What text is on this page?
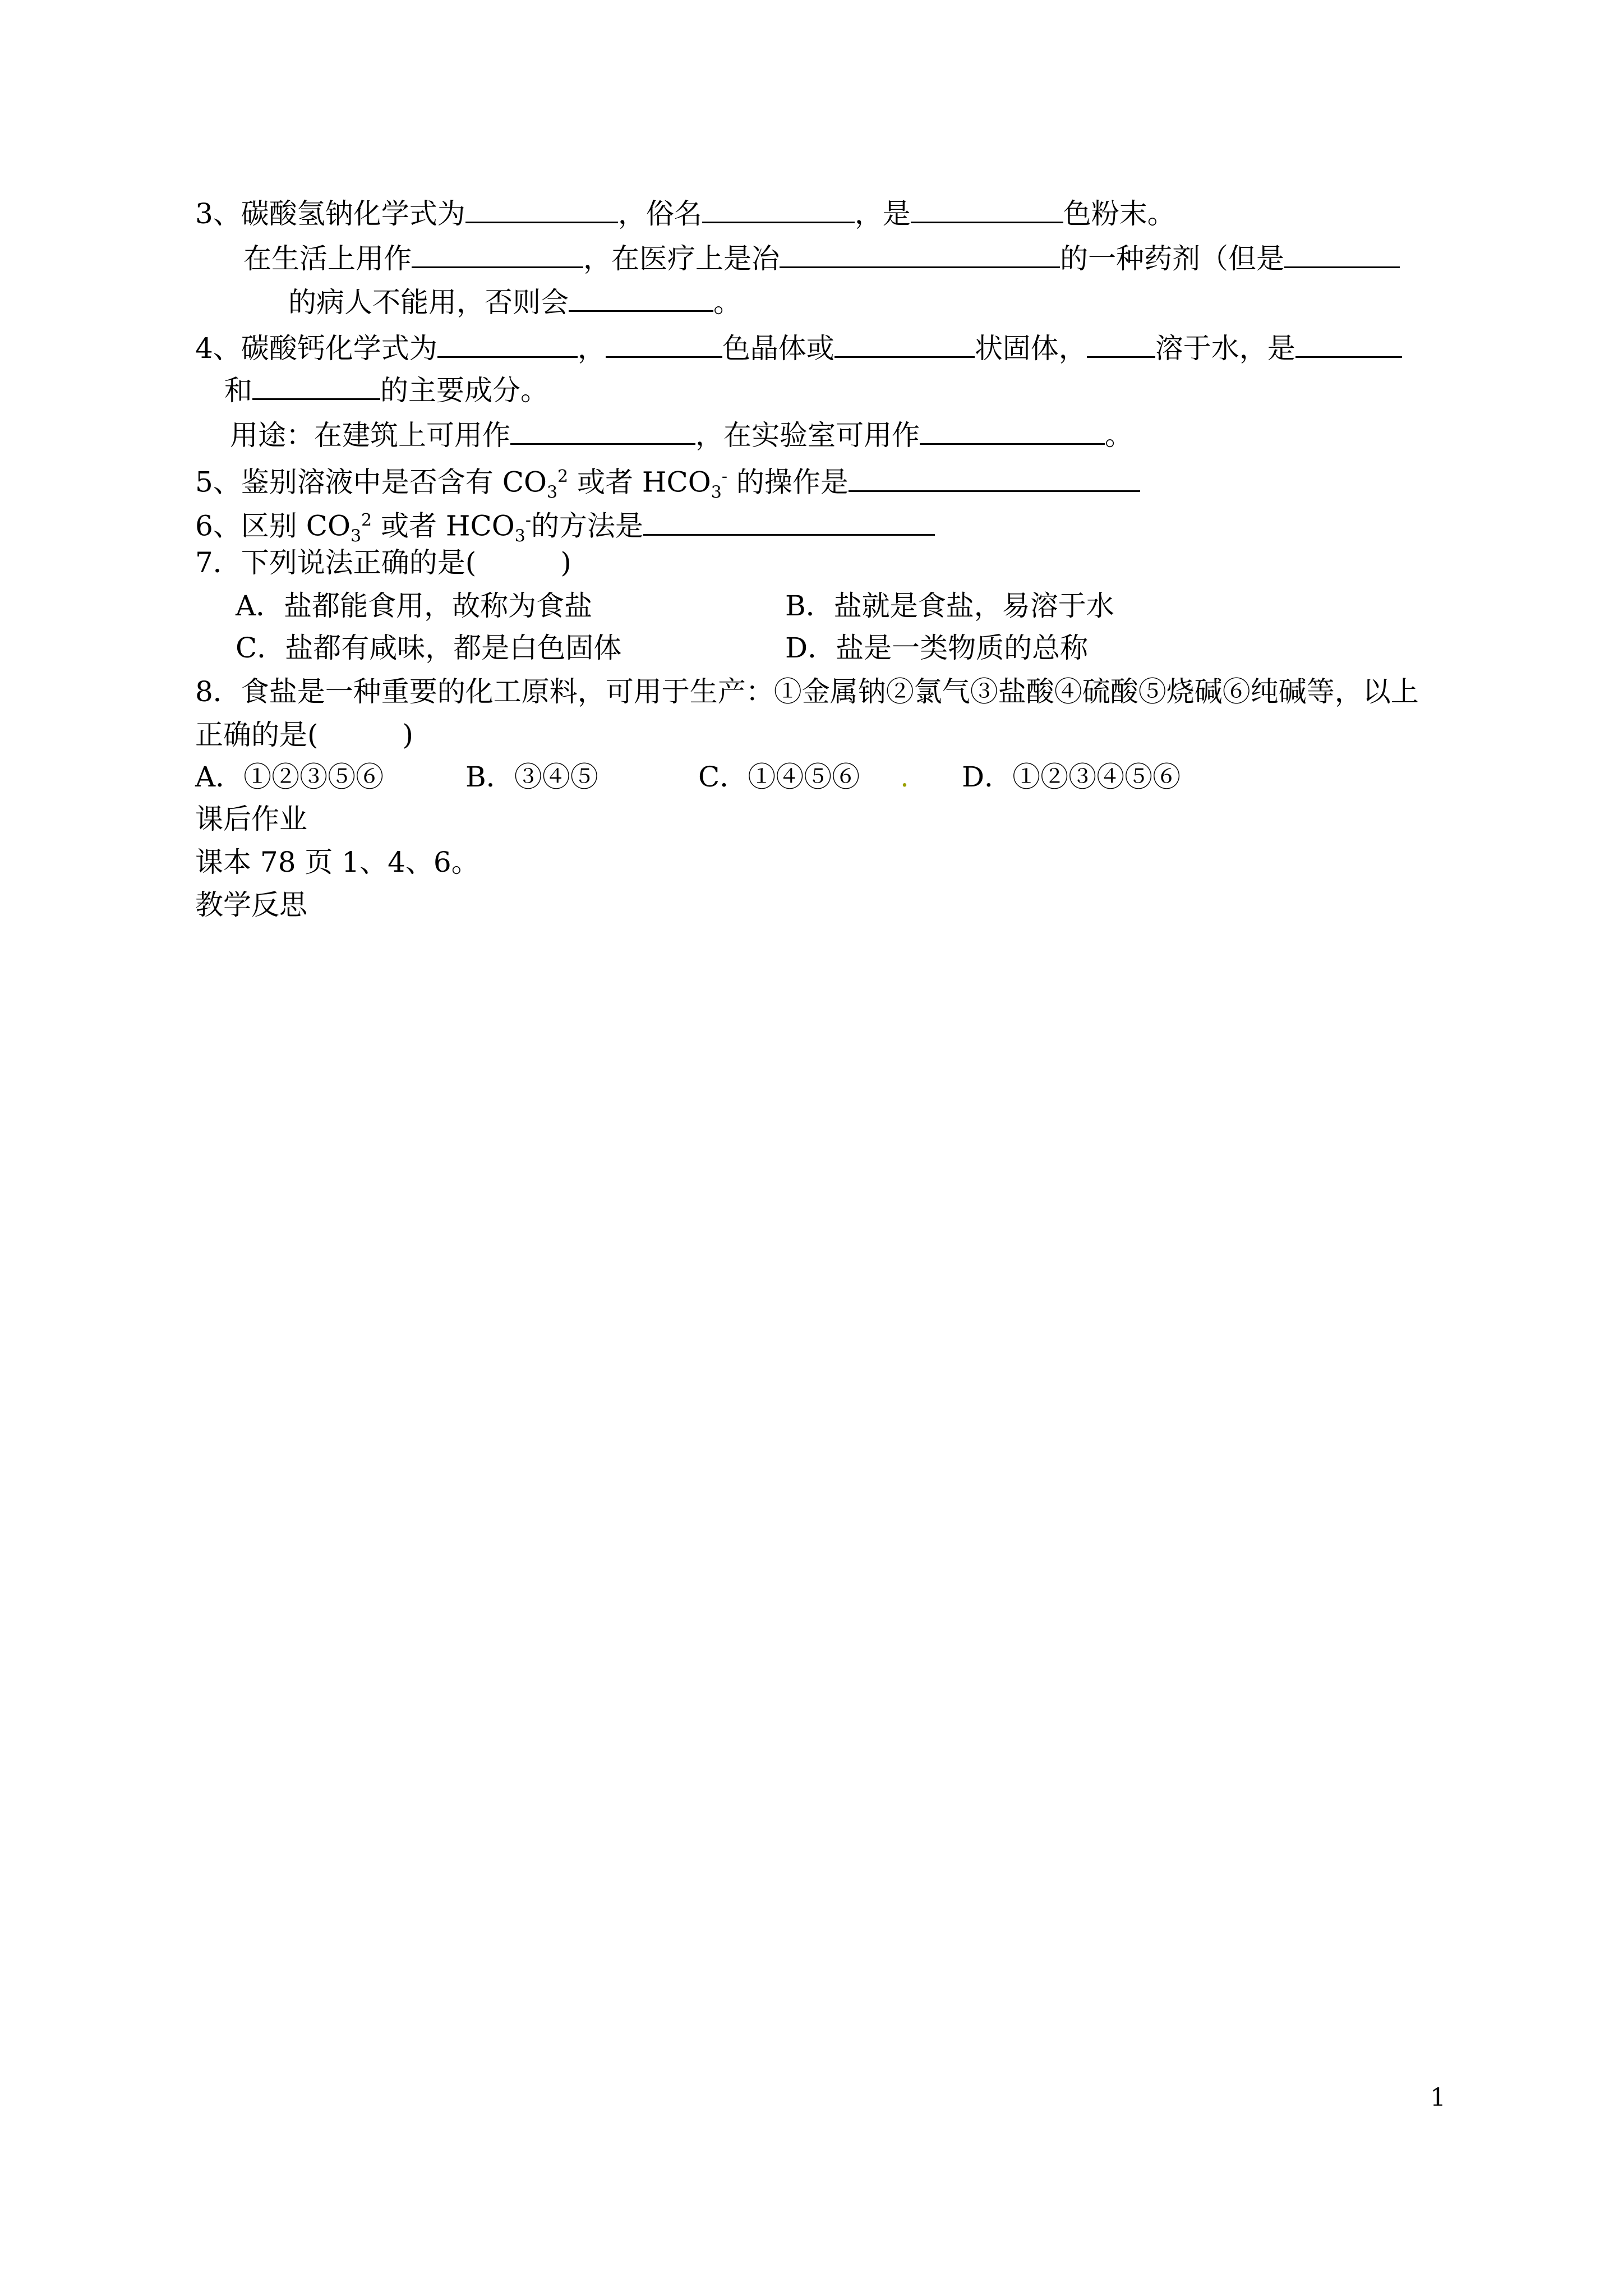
3、碳酸氢钠化学式为	，俗名	，是	色粉末。
在生活上用作	，在医疗上是冶	的一种药剂（但是
的病人不能用，否则会	。
4、碳酸钙化学式为	，	色晶体或	状固体， 溶于水，是
和	的主要成分。
用途：在建筑上可用作	，在实验室可用作	。
5、鉴别溶液中是否含有 $CO_3^2$ 或者 $HCO_3^-$ 的操作是
6、区别 $CO_3^2$ 或者 $HCO_3^-$的方法是
7．下列说法正确的是(　　　)
A．盐都能食用，故称为食盐	B．盐就是食盐，易溶于水
C．盐都有咸味，都是白色固体	D．盐是一类物质的总称
8．食盐是一种重要的化工原料，可用于生产：①金属钠②氯气③盐酸④硫酸⑤烧碱⑥纯碱等，以上
正确的是(　　　)
A．①②③⑤⑥	B．③④⑤	C．①④⑤⑥ . D．①②③④⑤⑥
课后作业
课本 78 页 1、4、6。
教学反思
1
